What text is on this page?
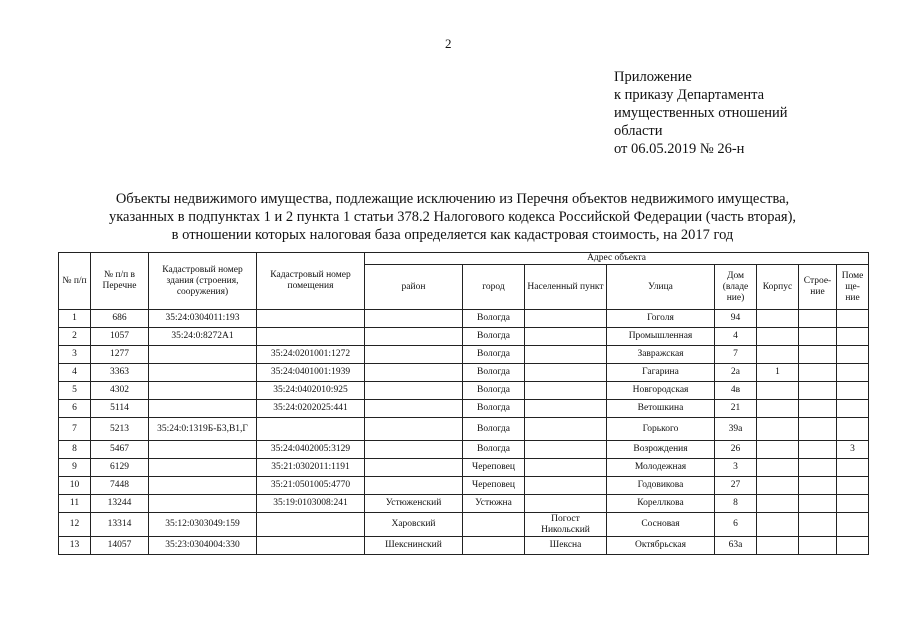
2
Приложение
к приказу Департамента
имущественных отношений
области
от 06.05.2019 № 26-н
Объекты недвижимого имущества, подлежащие исключению из Перечня объектов недвижимого имущества,
указанных в подпунктах 1 и 2 пункта 1 статьи 378.2 Налогового кодекса Российской Федерации (часть вторая),
в отношении которых налоговая база определяется как кадастровая стоимость, на 2017 год
№ п/п	№ п/п в Перечне	Кадастровый номер здания (строения, сооружения)	Кадастровый номер помещения	Адрес объекта							
				район	город	Населенный пункт	Улица	Дом (владе ние)	Корпус	Строе- ние	Поме ще- ние
1	686	35:24:0304011:193			Вологда		Гоголя	94			
2	1057	35:24:0:8272А1			Вологда		Промышленная	4			
3	1277		35:24:0201001:1272		Вологда		Завражская	7			
4	3363		35:24:0401001:1939		Вологда		Гагарина	2а	1		
5	4302		35:24:0402010:925		Вологда		Новгородская	4в			
6	5114		35:24:0202025:441		Вологда		Ветошкина	21			
7	5213	35:24:0:1319Б-Б3,В1,Г			Вологда		Горького	39а			
8	5467		35:24:0402005:3129		Вологда		Возрождения	26			3
9	6129		35:21:0302011:1191		Череповец		Молодежная	3			
10	7448		35:21:0501005:4770		Череповец		Годовикова	27			
11	13244		35:19:0103008:241	Устюженский	Устюжна		Кореллкова	8			
12	13314	35:12:0303049:159		Харовский		Погост Никольский	Сосновая	6			
13	14057	35:23:0304004:330		Шекснинский		Шексна	Октябрьская	63а			
